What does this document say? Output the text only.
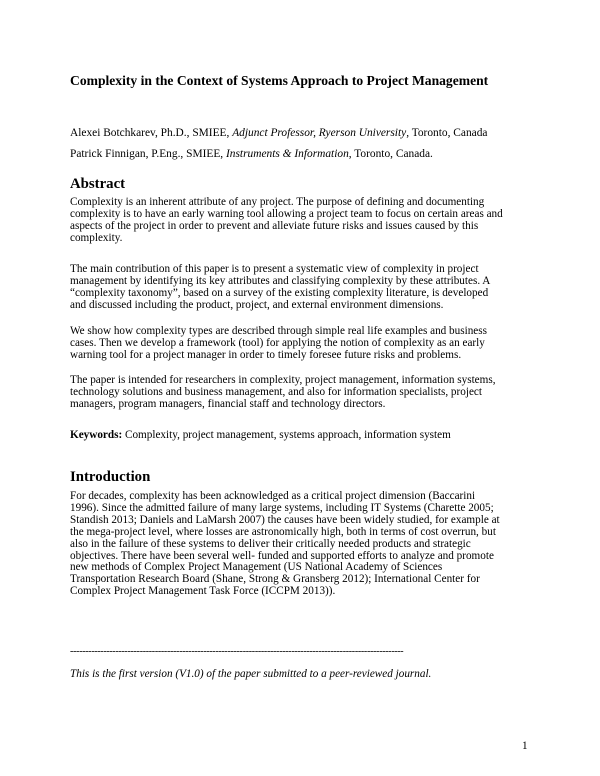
Complexity in the Context of Systems Approach to Project Management
Alexei Botchkarev, Ph.D., SMIEE, Adjunct Professor, Ryerson University, Toronto, Canada
Patrick Finnigan, P.Eng., SMIEE, Instruments & Information, Toronto, Canada.
Abstract
Complexity is an inherent attribute of any project. The purpose of defining and documenting
complexity is to have an early warning tool allowing a project team to focus on certain areas and
aspects of the project in order to prevent and alleviate future risks and issues caused by this
complexity.
The main contribution of this paper is to present a systematic view of complexity in project
management by identifying its key attributes and classifying complexity by these attributes. A
“complexity taxonomy”, based on a survey of the existing complexity literature, is developed
and discussed including the product, project, and external environment dimensions.
We show how complexity types are described through simple real life examples and business
cases. Then we develop a framework (tool) for applying the notion of complexity as an early
warning tool for a project manager in order to timely foresee future risks and problems.
The paper is intended for researchers in complexity, project management, information systems,
technology solutions and business management, and also for information specialists, project
managers, program managers, financial staff and technology directors.
Keywords: Complexity, project management, systems approach, information system
Introduction
For decades, complexity has been acknowledged as a critical project dimension (Baccarini
1996). Since the admitted failure of many large systems, including IT Systems (Charette 2005;
Standish 2013; Daniels and LaMarsh 2007) the causes have been widely studied, for example at
the mega-project level, where losses are astronomically high, both in terms of cost overrun, but
also in the failure of these systems to deliver their critically needed products and strategic
objectives. There have been several well- funded and supported efforts to analyze and promote
new methods of Complex Project Management (US National Academy of Sciences
Transportation Research Board (Shane, Strong & Gransberg 2012); International Center for
Complex Project Management Task Force (ICCPM 2013)).
--------------------------------------------------------------------------------------------------------------
This is the first version (V1.0) of the paper submitted to a peer-reviewed journal.
1
